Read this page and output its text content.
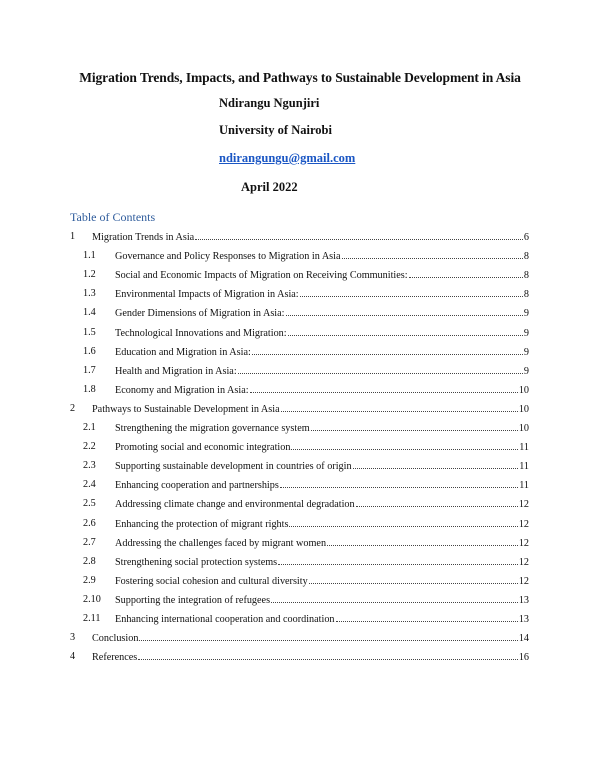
Migration Trends, Impacts, and Pathways to Sustainable Development in Asia
Ndirangu Ngunjiri
University of Nairobi
ndirangungu@gmail.com
April 2022
Table of Contents
1 Migration Trends in Asia	6
1.1 Governance and Policy Responses to Migration in Asia	8
1.2 Social and Economic Impacts of Migration on Receiving Communities:	8
1.3 Environmental Impacts of Migration in Asia:	8
1.4 Gender Dimensions of Migration in Asia:	9
1.5 Technological Innovations and Migration:	9
1.6 Education and Migration in Asia:	9
1.7 Health and Migration in Asia:	9
1.8 Economy and Migration in Asia:	10
2 Pathways to Sustainable Development in Asia	10
2.1 Strengthening the migration governance system	10
2.2 Promoting social and economic integration	11
2.3 Supporting sustainable development in countries of origin	11
2.4 Enhancing cooperation and partnerships	11
2.5 Addressing climate change and environmental degradation	12
2.6 Enhancing the protection of migrant rights	12
2.7 Addressing the challenges faced by migrant women	12
2.8 Strengthening social protection systems	12
2.9 Fostering social cohesion and cultural diversity	12
2.10 Supporting the integration of refugees	13
2.11 Enhancing international cooperation and coordination	13
3 Conclusion	14
4 References	16
